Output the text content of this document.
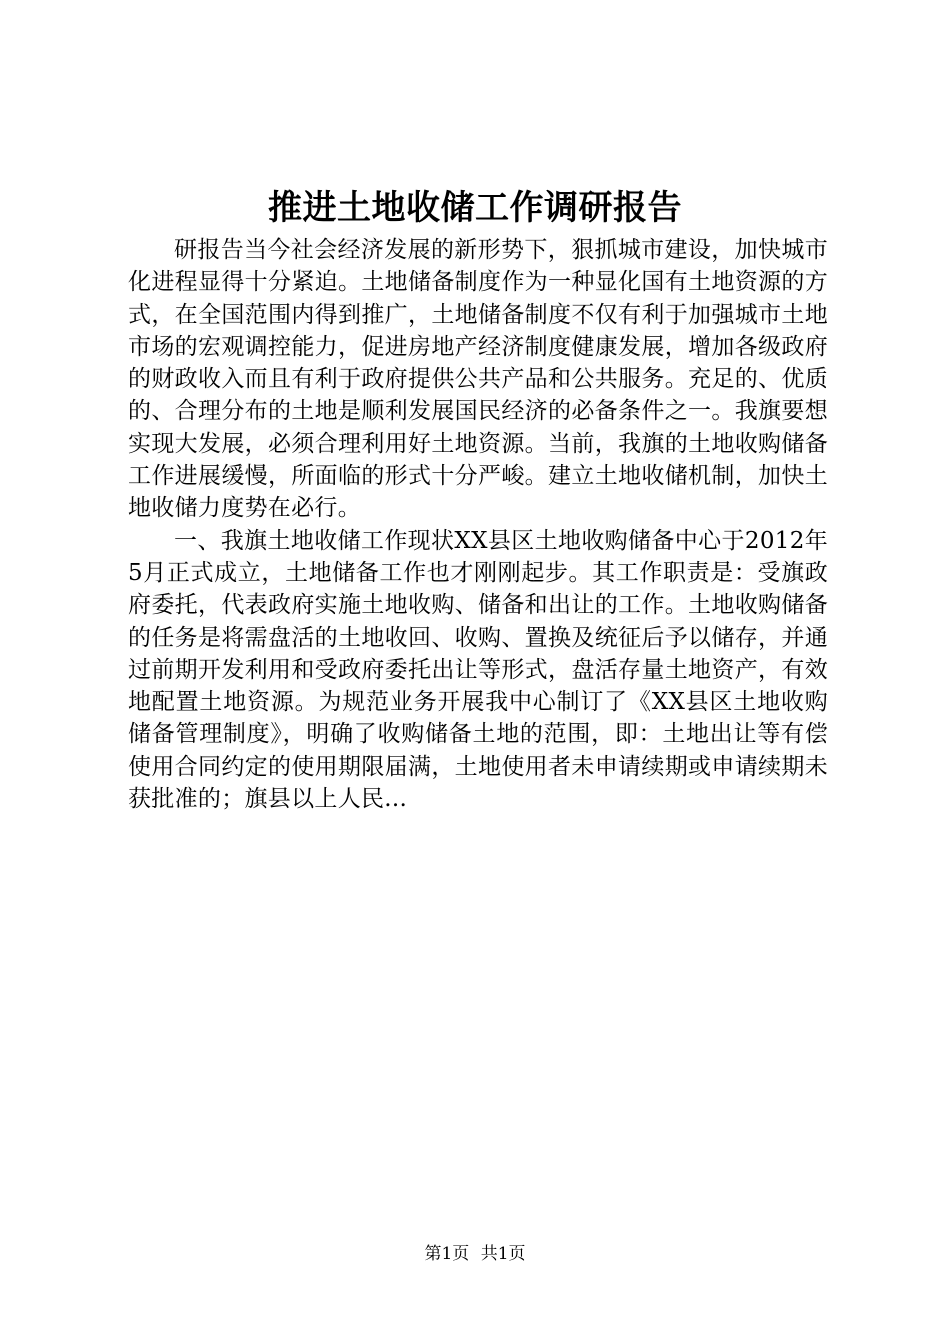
推进土地收储工作调研报告

研报告当今社会经济发展的新形势下，狠抓城市建设，加快城市化进程显得十分紧迫。土地储备制度作为一种显化国有土地资源的方式，在全国范围内得到推广，土地储备制度不仅有利于加强城市土地市场的宏观调控能力，促进房地产经济制度健康发展，增加各级政府的财政收入而且有利于政府提供公共产品和公共服务。充足的、优质的、合理分布的土地是顺利发展国民经济的必备条件之一。我旗要想实现大发展，必须合理利用好土地资源。当前，我旗的土地收购储备工作进展缓慢，所面临的形式十分严峻。建立土地收储机制，加快土地收储力度势在必行。

一、我旗土地收储工作现状XX县区土地收购储备中心于2012年5月正式成立，土地储备工作也才刚刚起步。其工作职责是：受旗政府委托，代表政府实施土地收购、储备和出让的工作。土地收购储备的任务是将需盘活的土地收回、收购、置换及统征后予以储存，并通过前期开发利用和受政府委托出让等形式，盘活存量土地资产，有效地配置土地资源。为规范业务开展我中心制订了《XX县区土地收购储备管理制度》，明确了收购储备土地的范围，即：土地出让等有偿使用合同约定的使用期限届满，土地使用者未申请续期或申请续期未获批准的；旗县以上人民...

第1页 共1页
